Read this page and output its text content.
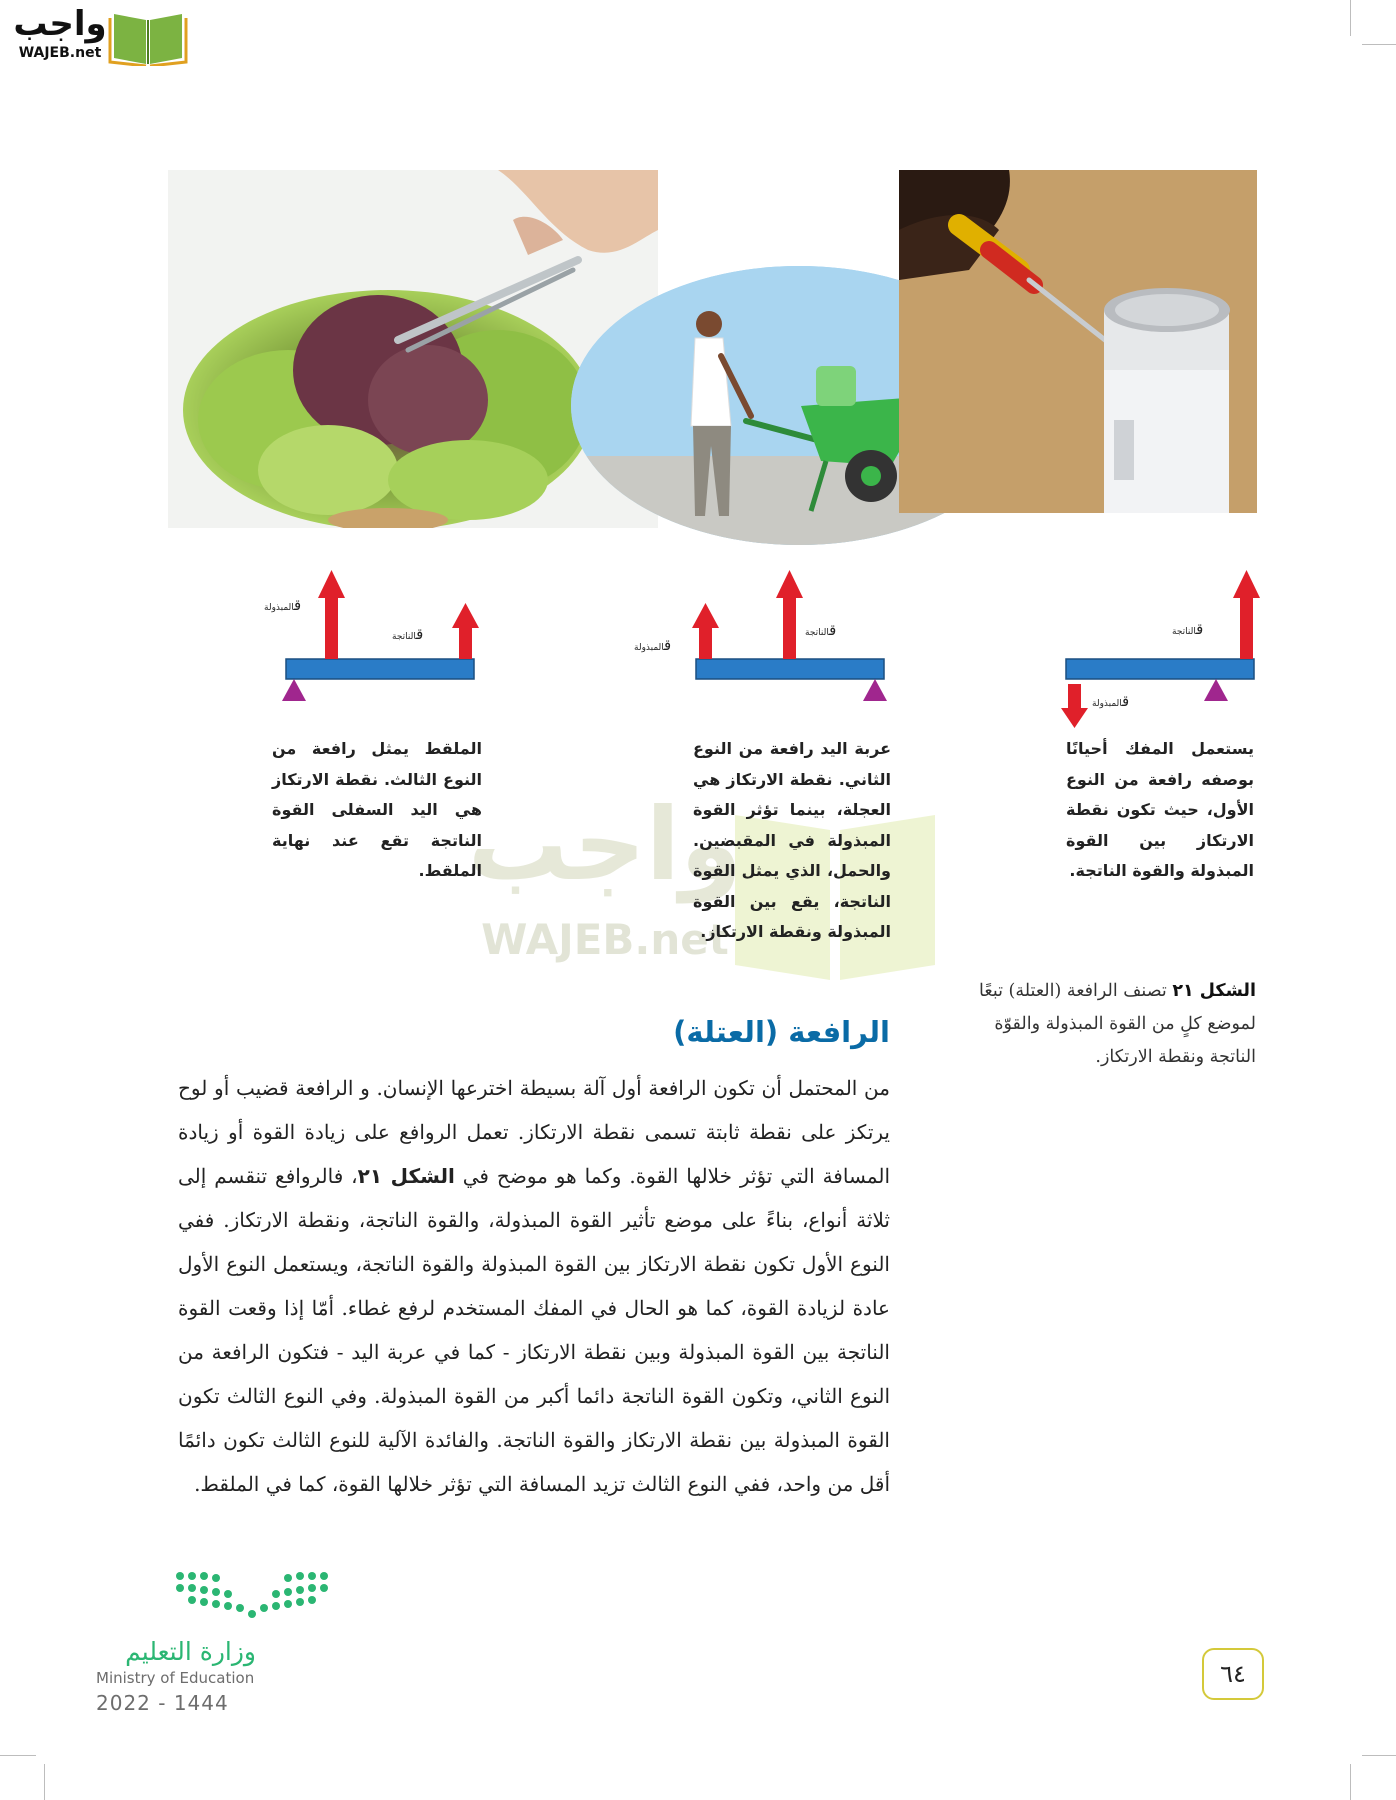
واجب
WAJEB.net
قالمبذولة
قالناتجة	قالمبذولة
قالناتجة	قالناتجة
قالمبذولة
واجب
WAJEB.net
الملقط يمثل رافعة من النوع الثالث. نقطة الارتكاز هي اليد السفلى القوة الناتجة تقع عند نهاية الملقط.
عربة اليد رافعة من النوع الثاني. نقطة الارتكاز هي العجلة، بينما تؤثر القوة المبذولة في المقبضين. والحمل، الذي يمثل القوة الناتجة، يقع بين القوة المبذولة ونقطة الارتكاز.
يستعمل المفك أحيانًا بوصفه رافعة من النوع الأول، حيث تكون نقطة الارتكاز بين القوة المبذولة والقوة الناتجة.
الشكل ٢١ تصنف الرافعة (العتلة) تبعًا لموضع كلٍ من القوة المبذولة والقوّة الناتجة ونقطة الارتكاز.
الرافعة (العتلة)
من المحتمل أن تكون الرافعة أول آلة بسيطة اخترعها الإنسان. و الرافعة قضيب أو لوح يرتكز على نقطة ثابتة تسمى نقطة الارتكاز. تعمل الروافع على زيادة القوة أو زيادة المسافة التي تؤثر خلالها القوة. وكما هو موضح في الشكل ٢١، فالروافع تنقسم إلى ثلاثة أنواع، بناءً على موضع تأثير القوة المبذولة، والقوة الناتجة، ونقطة الارتكاز. ففي النوع الأول تكون نقطة الارتكاز بين القوة المبذولة والقوة الناتجة، ويستعمل النوع الأول عادة لزيادة القوة، كما هو الحال في المفك المستخدم لرفع غطاء. أمّا إذا وقعت القوة الناتجة بين القوة المبذولة وبين نقطة الارتكاز - كما في عربة اليد - فتكون الرافعة من النوع الثاني، وتكون القوة الناتجة دائما أكبر من القوة المبذولة. وفي النوع الثالث تكون القوة المبذولة بين نقطة الارتكاز والقوة الناتجة. والفائدة الآلية للنوع الثالث تكون دائمًا أقل من واحد، ففي النوع الثالث تزيد المسافة التي تؤثر خلالها القوة، كما في الملقط.
وزارة التعليم
Ministry of Education
2022 - 1444
٦٤
